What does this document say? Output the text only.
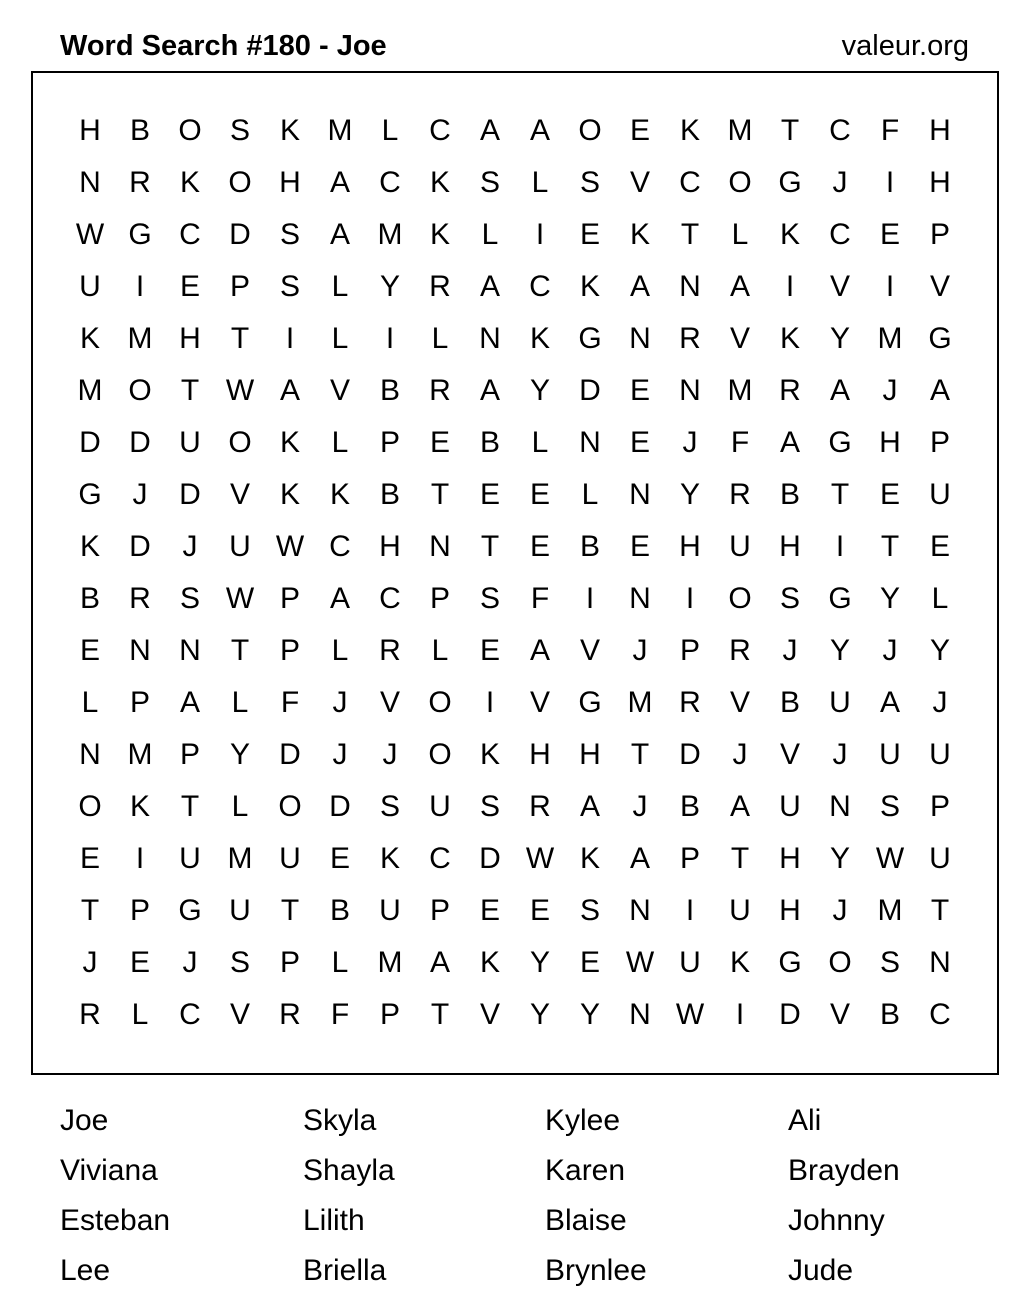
Word Search #180 - Joe	valeur.org
H B O S K M L	C A A O E K M T	C	F	H
N R K O H A C K S	L	S V C O G	J	I	H
W G C D S A M K	L	I	E K	T	L	K C E P
U	I	E P S	L	Y R A C K A N A	I	V	I	V
K M H	T	I	L	I	L	N K G N R V K Y M G
M O T W A V B R A Y D E N M R A	J	A
D D U O K	L	P E B	L	N E	J	F	A G H P
G	J	D V K K B	T	E E	L	N Y R B	T	E U
K D	J	U W C H N	T	E B E H U H	I	T	E
B R S W P A C P S	F	I	N	I	O S G Y	L
E N N	T	P	L	R	L	E A V	J	P R	J	Y	J	Y
L	P A	L	F	J	V O	I	V G M R V B U A	J
N M P Y D	J	J	O K H H	T	D	J	V	J	U U
O K	T	L O D S U S R A	J	B A U N S P
E	I	U M U E K C D W K A P	T	H Y W U
T	P G U	T	B U P E E S N	I	U H	J	M T
J	E	J	S P	L M A K Y E W U K G O S N
R	L	C V R	F	P	T	V Y Y N W	I	D V B C
Joe	Skyla	Kylee	Ali
Viviana	Shayla	Karen	Brayden
Esteban	Lilith	Blaise	Johnny
Lee	Briella	Brynlee	Jude
